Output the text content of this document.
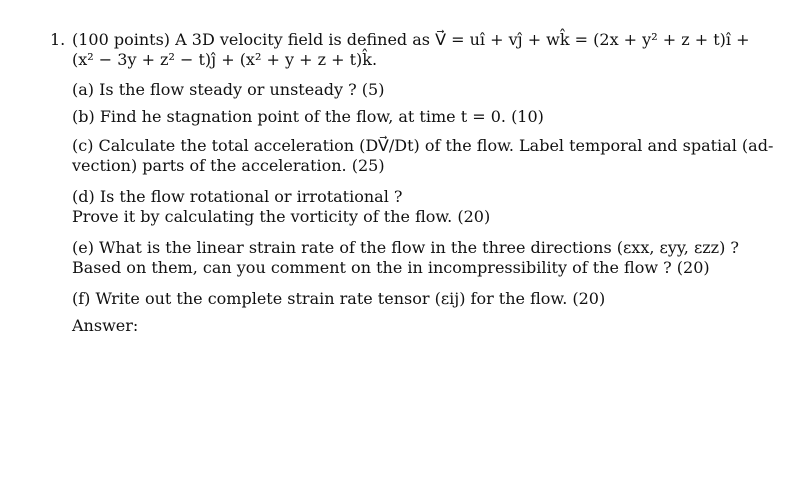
1. (100 points) A 3D velocity field is defined as V⃗ = uî + vĵ + wk̂ = (2x + y² + z + t)î +
(x² − 3y + z² − t)ĵ + (x² + y + z + t)k̂.
(a) Is the flow steady or unsteady ? (5)
(b) Find he stagnation point of the flow, at time t = 0. (10)
(c) Calculate the total acceleration (DV⃗/Dt) of the flow. Label temporal and spatial (ad-
vection) parts of the acceleration. (25)
(d) Is the flow rotational or irrotational ?
Prove it by calculating the vorticity of the flow. (20)
(e) What is the linear strain rate of the flow in the three directions (εxx, εyy, εzz) ?
Based on them, can you comment on the in incompressibility of the flow ? (20)
(f) Write out the complete strain rate tensor (εij) for the flow. (20)
Answer:
